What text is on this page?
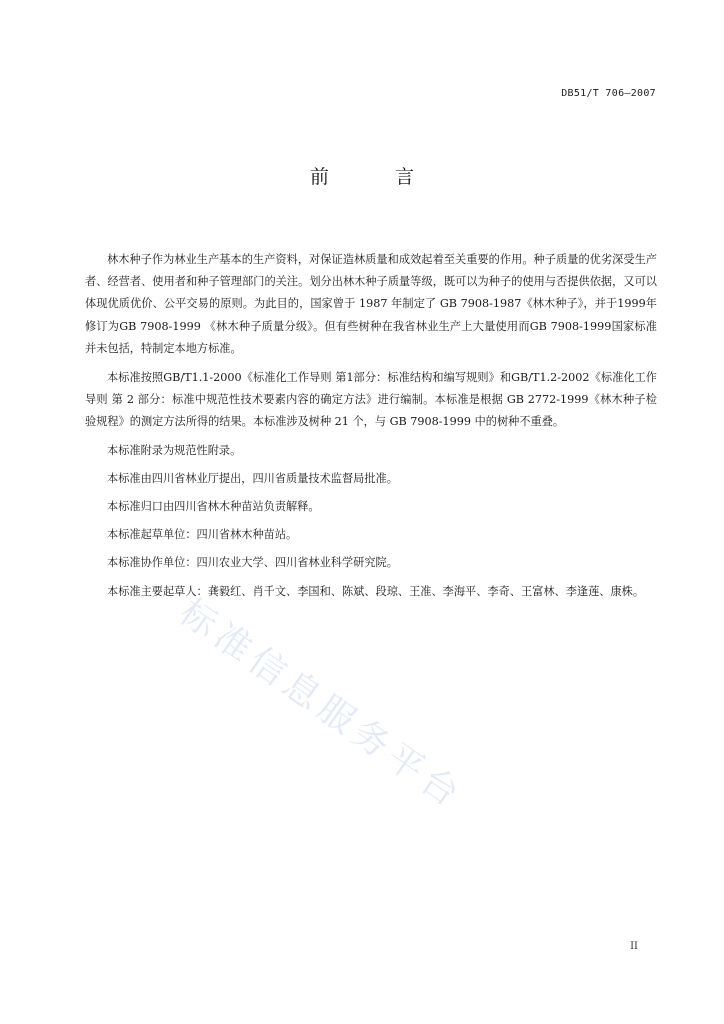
DB51/T 706—2007
前 言

林木种子作为林业生产基本的生产资料，对保证造林质量和成效起着至关重要的作用。种子质量的优劣深受生产者、经营者、使用者和种子管理部门的关注。划分出林木种子质量等级，既可以为种子的使用与否提供依据，又可以体现优质优价、公平交易的原则。为此目的，国家曾于 1987 年制定了 GB 7908-1987《林木种子》，并于1999年修订为GB 7908-1999 《林木种子质量分级》。但有些树种在我省林业生产上大量使用而GB 7908-1999国家标准并未包括，特制定本地方标准。

本标准按照GB/T1.1-2000《标准化工作导则 第1部分：标准结构和编写规则》和GB/T1.2-2002《标准化工作导则 第 2 部分：标准中规范性技术要素内容的确定方法》进行编制。本标准是根据 GB 2772-1999《林木种子检验规程》的测定方法所得的结果。本标准涉及树种 21 个，与 GB 7908-1999 中的树种不重叠。

本标准附录为规范性附录。

本标准由四川省林业厅提出，四川省质量技术监督局批准。

本标准归口由四川省林木种苗站负责解释。

本标准起草单位：四川省林木种苗站。

本标准协作单位：四川农业大学、四川省林业科学研究院。

本标准主要起草人：龚毅红、肖千文、李国和、陈斌、段琼、王准、李海平、李奇、王富林、李逢莲、康株。

标准信息服务平台
II
